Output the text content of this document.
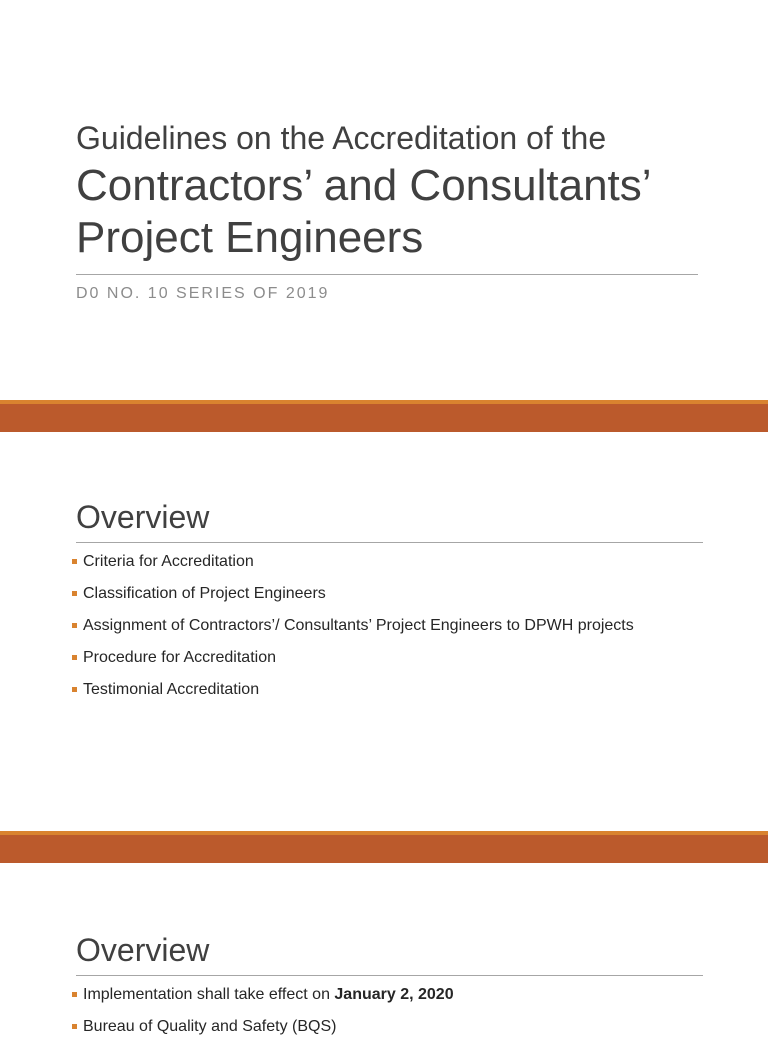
Guidelines on the Accreditation of the
Contractors’ and Consultants’ Project Engineers
D0 NO. 10 SERIES OF 2019
Overview
Criteria for Accreditation
Classification of Project Engineers
Assignment of Contractors’/ Consultants’ Project Engineers to DPWH projects
Procedure for Accreditation
Testimonial Accreditation
Overview
Implementation shall take effect on January 2, 2020
Bureau of Quality and Safety (BQS)
